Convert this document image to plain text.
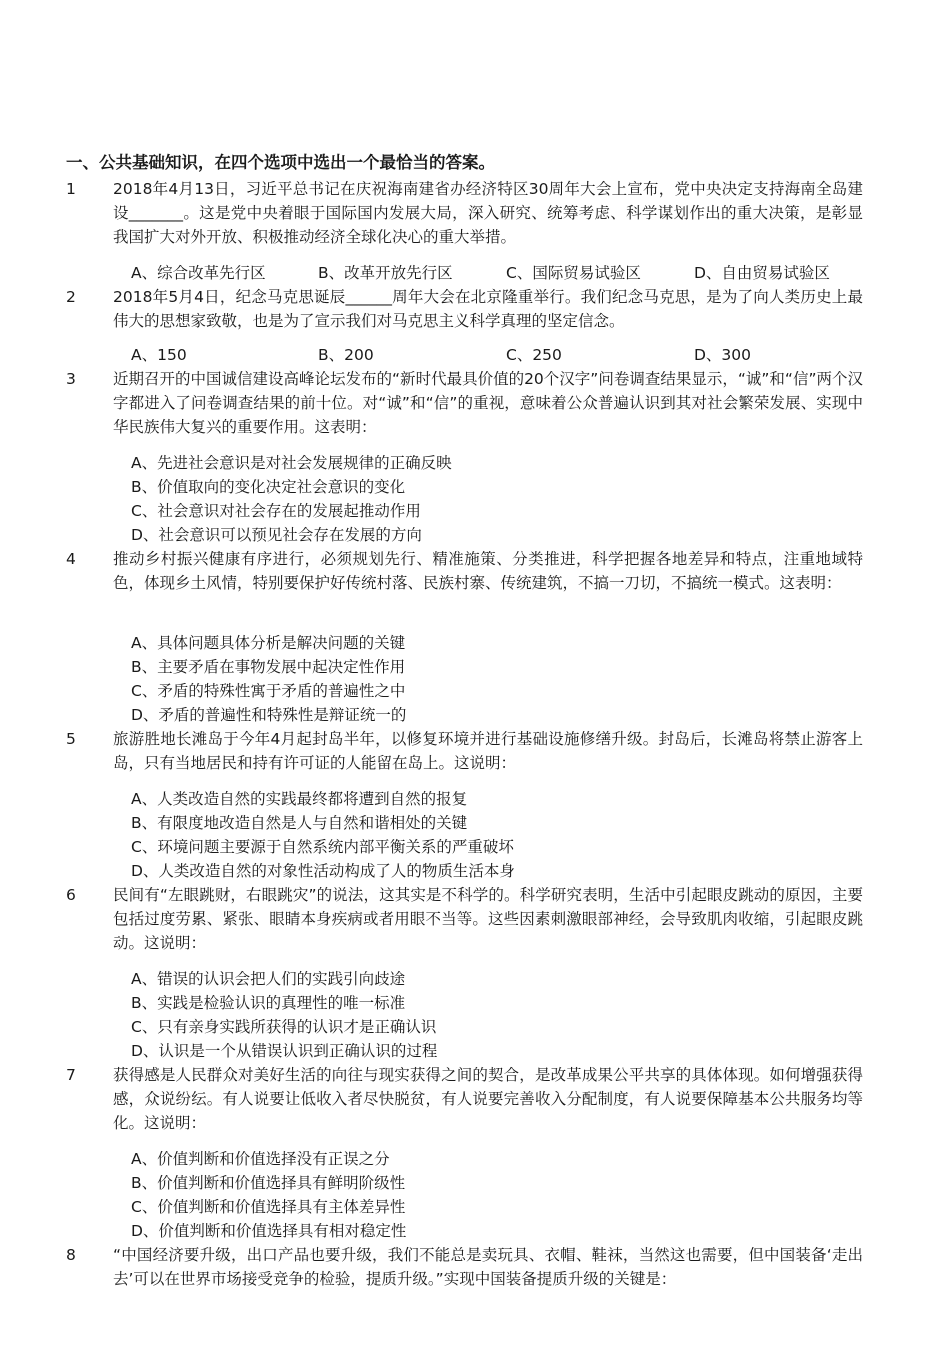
一、公共基础知识，在四个选项中选出一个最恰当的答案。
1	2018年4月13日，习近平总书记在庆祝海南建省办经济特区30周年大会上宣布，党中央决定支持海南全岛建设_______。这是党中央着眼于国际国内发展大局，深入研究、统筹考虑、科学谋划作出的重大决策，是彰显我国扩大对外开放、积极推动经济全球化决心的重大举措。
A、综合改革先行区	B、改革开放先行区	C、国际贸易试验区	D、自由贸易试验区
2	2018年5月4日，纪念马克思诞辰______周年大会在北京隆重举行。我们纪念马克思，是为了向人类历史上最伟大的思想家致敬，也是为了宣示我们对马克思主义科学真理的坚定信念。
A、150	B、200	C、250	D、300
3	近期召开的中国诚信建设高峰论坛发布的“新时代最具价值的20个汉字”问卷调查结果显示，“诚”和“信”两个汉字都进入了问卷调查结果的前十位。对“诚”和“信”的重视，意味着公众普遍认识到其对社会繁荣发展、实现中华民族伟大复兴的重要作用。这表明：
A、先进社会意识是对社会发展规律的正确反映
B、价值取向的变化决定社会意识的变化
C、社会意识对社会存在的发展起推动作用
D、社会意识可以预见社会存在发展的方向
4	推动乡村振兴健康有序进行，必须规划先行、精准施策、分类推进，科学把握各地差异和特点，注重地域特色，体现乡土风情，特别要保护好传统村落、民族村寨、传统建筑，不搞一刀切，不搞统一模式。这表明：
A、具体问题具体分析是解决问题的关键
B、主要矛盾在事物发展中起决定性作用
C、矛盾的特殊性寓于矛盾的普遍性之中
D、矛盾的普遍性和特殊性是辩证统一的
5	旅游胜地长滩岛于今年4月起封岛半年，以修复环境并进行基础设施修缮升级。封岛后，长滩岛将禁止游客上岛，只有当地居民和持有许可证的人能留在岛上。这说明：
A、人类改造自然的实践最终都将遭到自然的报复
B、有限度地改造自然是人与自然和谐相处的关键
C、环境问题主要源于自然系统内部平衡关系的严重破坏
D、人类改造自然的对象性活动构成了人的物质生活本身
6	民间有“左眼跳财，右眼跳灾”的说法，这其实是不科学的。科学研究表明，生活中引起眼皮跳动的原因，主要包括过度劳累、紧张、眼睛本身疾病或者用眼不当等。这些因素刺激眼部神经，会导致肌肉收缩，引起眼皮跳动。这说明：
A、错误的认识会把人们的实践引向歧途
B、实践是检验认识的真理性的唯一标准
C、只有亲身实践所获得的认识才是正确认识
D、认识是一个从错误认识到正确认识的过程
7	获得感是人民群众对美好生活的向往与现实获得之间的契合，是改革成果公平共享的具体体现。如何增强获得感，众说纷纭。有人说要让低收入者尽快脱贫，有人说要完善收入分配制度，有人说要保障基本公共服务均等化。这说明：
A、价值判断和价值选择没有正误之分
B、价值判断和价值选择具有鲜明阶级性
C、价值判断和价值选择具有主体差异性
D、价值判断和价值选择具有相对稳定性
8	“中国经济要升级，出口产品也要升级，我们不能总是卖玩具、衣帽、鞋袜，当然这也需要，但中国装备‘走出去’可以在世界市场接受竞争的检验，提质升级。”实现中国装备提质升级的关键是：
